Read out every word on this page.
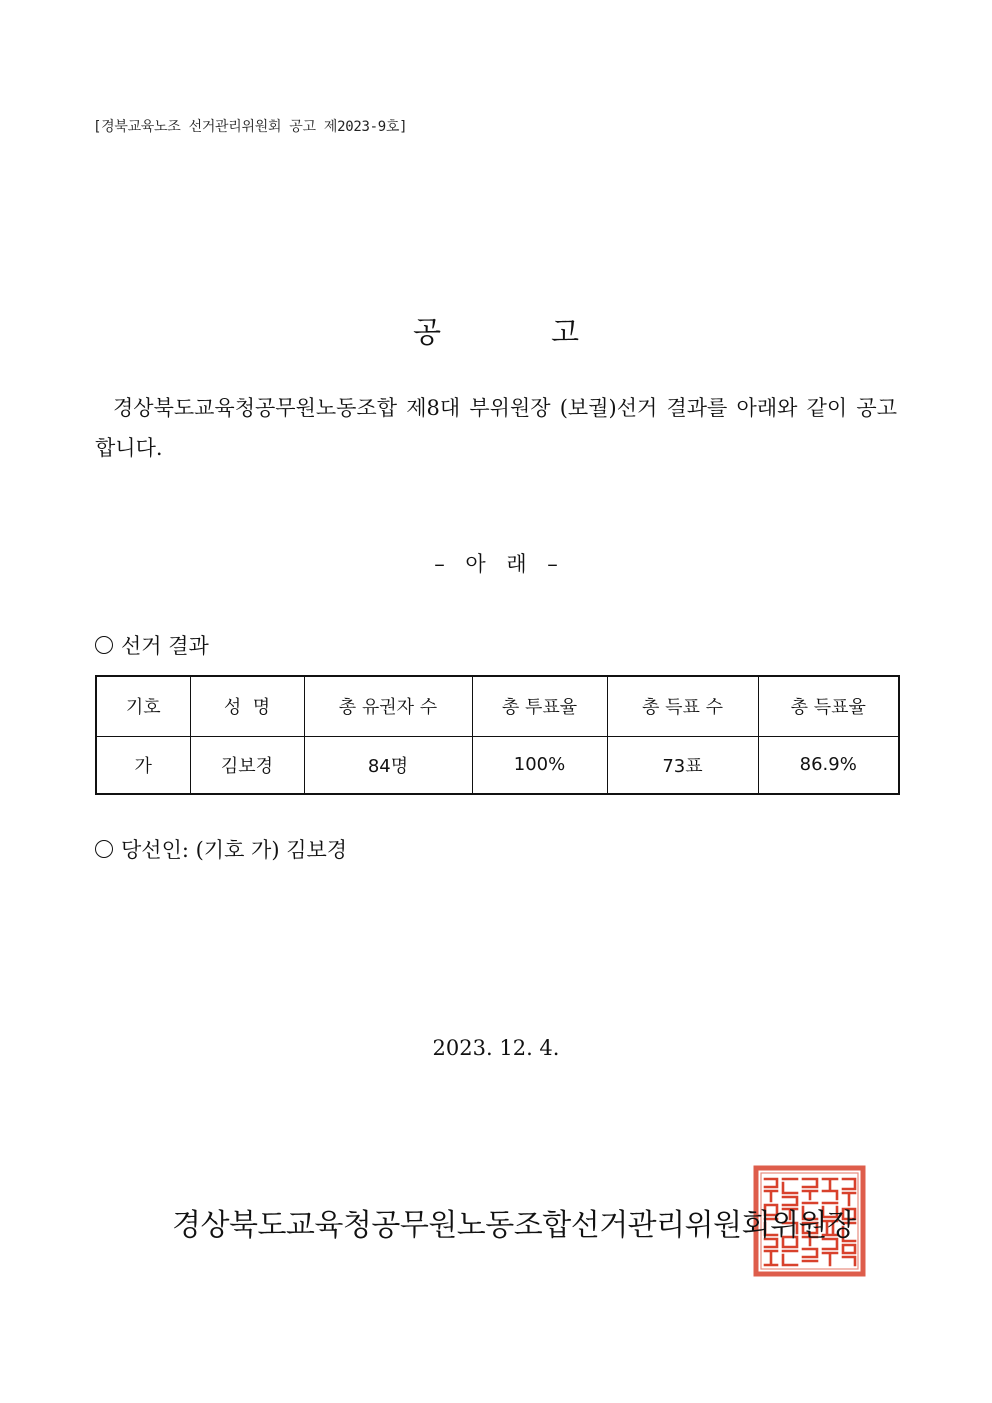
[경북교육노조 선거관리위원회 공고 제2023-9호]
공	고
경상북도교육청공무원노동조합 제8대 부위원장 (보궐)선거 결과를 아래와 같이 공고합니다.
– 아 래 –
선거 결과
기호	성  명	총 유권자 수	총 투표율	총 득표 수	총 득표율
가	김보경	84명	100%	73표	86.9%
당선인: (기호 가) 김보경
2023. 12. 4.
경상북도교육청공무원노동조합선거관리위원회위원장
